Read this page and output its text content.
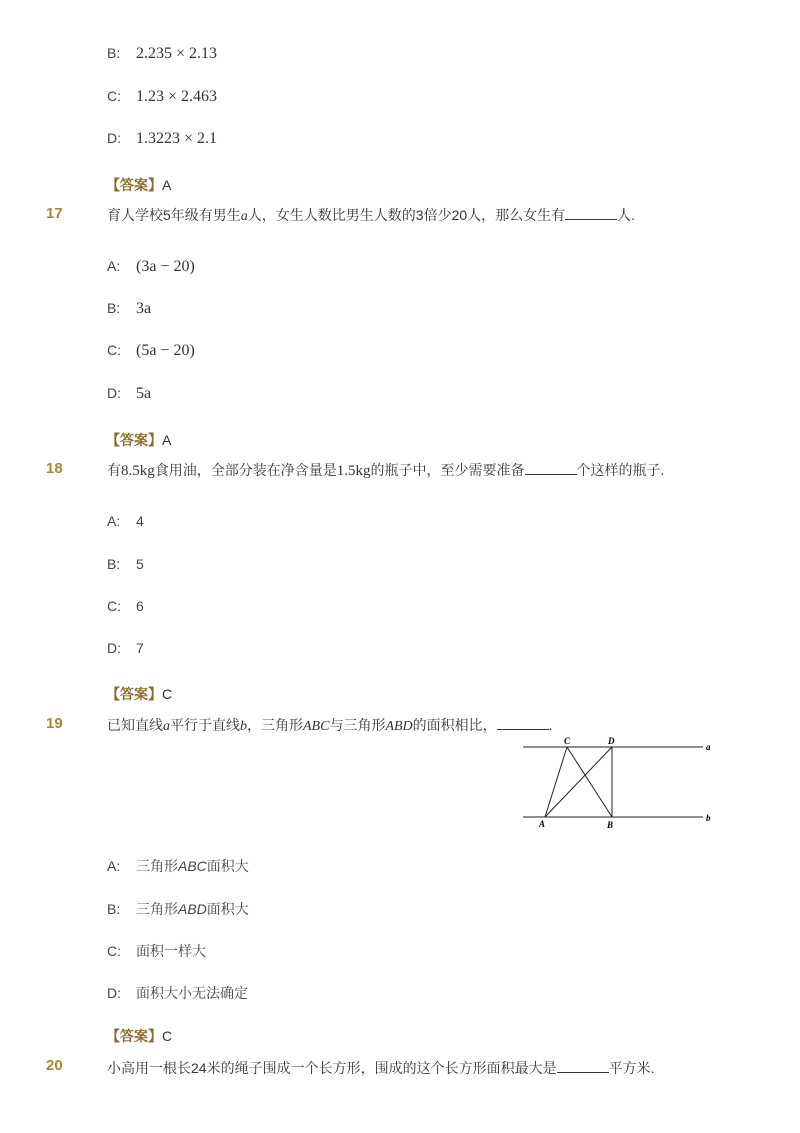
B: 2.235 × 2.13
C: 1.23 × 2.463
D: 1.3223 × 2.1
【答案】A
17	育人学校5年级有男生a人，女生人数比男生人数的3倍少20人，那么女生有	人.
A: (3a − 20)
B: 3a
C: (5a − 20)
D: 5a
【答案】A
18	有8.5kg食用油，全部分装在净含量是1.5kg的瓶子中，至少需要准备	个这样的瓶子.
A: 4
B: 5
C: 6
D: 7
【答案】C
19	已知直线a平行于直线b，三角形ABC与三角形ABD的面积相比，	.
C	D
a
A	B
b
A: 三角形ABC面积大
B: 三角形ABD面积大
C: 面积一样大
D: 面积大小无法确定
【答案】C
20	小高用一根长24米的绳子围成一个长方形，围成的这个长方形面积最大是	平方米.
